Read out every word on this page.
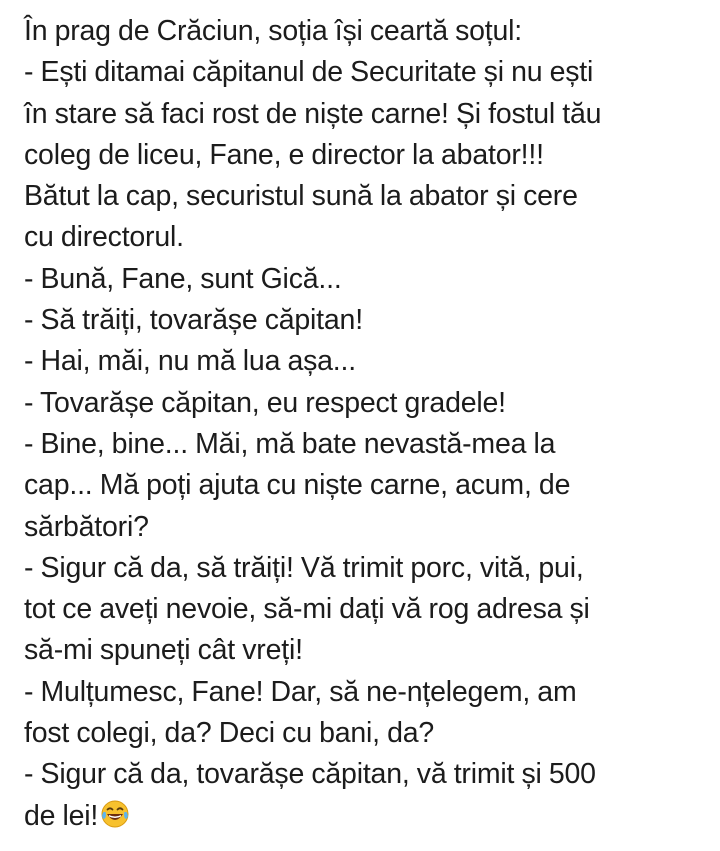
În prag de Crăciun, soția își ceartă soțul:
- Ești ditamai căpitanul de Securitate și nu ești
în stare să faci rost de niște carne! Și fostul tău
coleg de liceu, Fane, e director la abator!!!
Bătut la cap, securistul sună la abator și cere
cu directorul.
- Bună, Fane, sunt Gică...
- Să trăiți, tovarășe căpitan!
- Hai, măi, nu mă lua așa...
- Tovarășe căpitan, eu respect gradele!
- Bine, bine... Măi, mă bate nevastă-mea la
cap... Mă poți ajuta cu niște carne, acum, de
sărbători?
- Sigur că da, să trăiți! Vă trimit porc, vită, pui,
tot ce aveți nevoie, să-mi dați vă rog adresa și
să-mi spuneți cât vreți!
- Mulțumesc, Fane! Dar, să ne-nțelegem, am
fost colegi, da? Deci cu bani, da?
- Sigur că da, tovarășe căpitan, vă trimit și 500
de lei!
